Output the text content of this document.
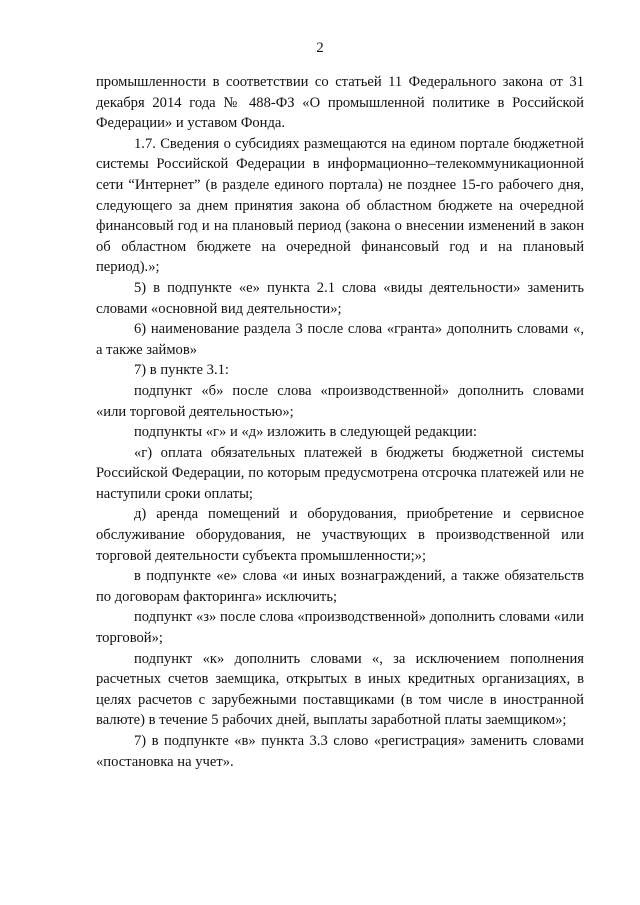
2

промышленности в соответствии со статьей 11 Федерального закона от 31 декабря 2014 года № 488-ФЗ «О промышленной политике в Российской Федерации» и уставом Фонда.

1.7. Сведения о субсидиях размещаются на едином портале бюджетной системы Российской Федерации в информационно–телекоммуникационной сети “Интернет” (в разделе единого портала) не позднее 15-го рабочего дня, следующего за днем принятия закона об областном бюджете на очередной финансовый год и на плановый период (закона о внесении изменений в закон об областном бюджете на очередной финансовый год и на плановый период).»;

5) в подпункте «е» пункта 2.1 слова «виды деятельности» заменить словами «основной вид деятельности»;

6) наименование раздела 3 после слова «гранта» дополнить словами «, а также займов»

7) в пункте 3.1:

подпункт «б» после слова «производственной» дополнить словами «или торговой деятельностью»;

подпункты «г» и «д» изложить в следующей редакции:

«г) оплата обязательных платежей в бюджеты бюджетной системы Российской Федерации, по которым предусмотрена отсрочка платежей или не наступили сроки оплаты;

д) аренда помещений и оборудования, приобретение и сервисное обслуживание оборудования, не участвующих в производственной или торговой деятельности субъекта промышленности;»;

в подпункте «е» слова «и иных вознаграждений, а также обязательств по договорам факторинга» исключить;

подпункт «з» после слова «производственной» дополнить словами «или торговой»;

подпункт «к» дополнить словами «, за исключением пополнения расчетных счетов заемщика, открытых в иных кредитных организациях, в целях расчетов с зарубежными поставщиками (в том числе в иностранной валюте) в течение 5 рабочих дней, выплаты заработной платы заемщиком»;

7) в подпункте «в» пункта 3.3 слово «регистрация» заменить словами «постановка на учет».
